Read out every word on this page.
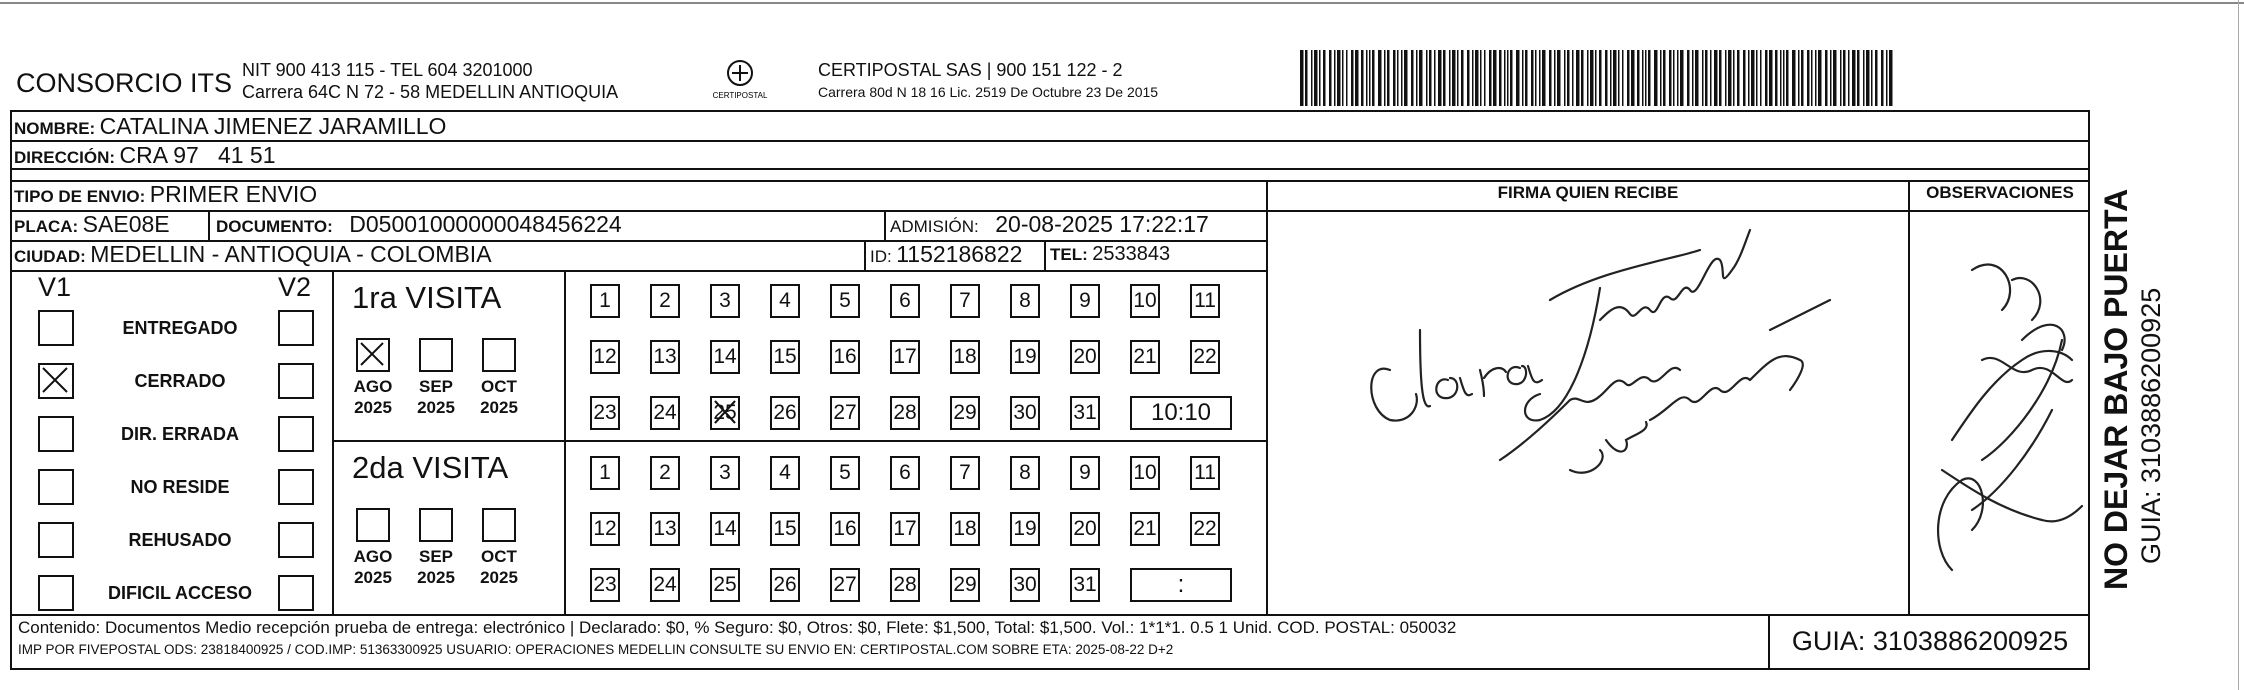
CONSORCIO ITS NIT 900 413 115 - TEL 604 3201000
Carrera 64C N 72 - 58 MEDELLIN ANTIOQUIA	CERTIPOSTAL
CERTIPOSTAL SAS | 900 151 122 - 2
Carrera 80d N 18 16 Lic. 2519 De Octubre 23 De 2015
FIRMA QUIEN RECIBE	OBSERVACIONES
NOMBRE: CATALINA JIMENEZ JARAMILLO
DIRECCIÓN: CRA 97   41 51
TIPO DE ENVIO: PRIMER ENVIO
PLACA: SAE08E	DOCUMENTO: D05001000000048456224	ADMISIÓN: 20-08-2025 17:22:17
CIUDAD: MEDELLIN - ANTIOQUIA - COLOMBIA	ID: 1152186822 TEL: 2533843
V1	V2
ENTREGADO
CERRADO
DIR. ERRADA
NO RESIDE
REHUSADO
DIFICIL ACCESO
1ra VISITA
2da VISITA
AGO
2025
SEP
2025
OCT
2025
AGO
2025
SEP
2025
OCT
2025
1	2	3	4	5	6	7	8	9	10 11
12 13 14 15 16 17 18 19 20 21 22
23 24 25 26 27 28 29 30 31	10:10
1	2	3	4	5	6	7	8	9	10 11
12 13 14 15 16 17 18 19 20 21 22
23 24 25 26 27 28 29 30 31	:
Contenido: Documentos Medio recepción prueba de entrega: electrónico | Declarado: $0, % Seguro: $0, Otros: $0, Flete: $1,500, Total: $1,500. Vol.: 1*1*1. 0.5 1 Unid. COD. POSTAL: 050032
IMP POR FIVEPOSTAL ODS: 23818400925 / COD.IMP: 51363300925 USUARIO: OPERACIONES MEDELLIN CONSULTE SU ENVIO EN: CERTIPOSTAL.COM SOBRE ETA: 2025-08-22 D+2	GUIA: 3103886200925
NO DEJAR BAJO PUERTA GUIA: 3103886200925
